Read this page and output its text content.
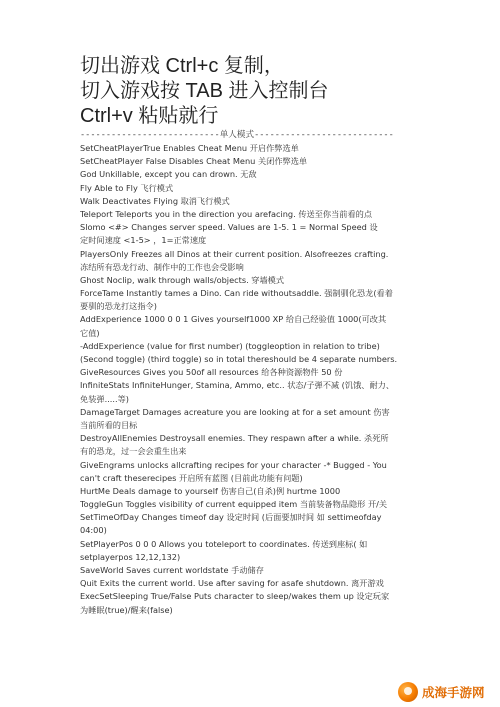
切出游戏 Ctrl+c 复制，
切入游戏按 TAB 进入控制台
Ctrl+v 粘贴就行
---------------------------单人模式---------------------------
SetCheatPlayerTrue Enables Cheat Menu 开启作弊选单
SetCheatPlayer False Disables Cheat Menu 关闭作弊选单
God Unkillable, except you can drown. 无敌
Fly Able to Fly 飞行模式
Walk Deactivates Flying 取消飞行模式
Teleport Teleports you in the direction you arefacing. 传送至你当前看的点
Slomo <#> Changes server speed. Values are 1-5. 1 = Normal Speed 设
定时间速度 <1-5> ，1=正常速度
PlayersOnly Freezes all Dinos at their current position. Alsofreezes crafting.
冻结所有恐龙行动、制作中的工作也会受影响
Ghost Noclip, walk through walls/objects. 穿墙模式
ForceTame Instantly tames a Dino. Can ride withoutsaddle. 强制驯化恐龙(看着
要驯的恐龙打这指令)
AddExperience 1000 0 0 1 Gives yourself1000 XP 给自己经验值 1000(可改其
它值)
-AddExperience (value for first number) (toggleoption in relation to tribe)
(Second toggle) (third toggle) so in total thereshould be 4 separate numbers.
GiveResources Gives you 50of all resources 给各种资源物件 50 份
InfiniteStats InfiniteHunger, Stamina, Ammo, etc.. 状态/子弹不减 (饥饿、耐力、
免装弹.....等)
DamageTarget Damages acreature you are looking at for a set amount 伤害
当前所看的目标
DestroyAllEnemies Destroysall enemies. They respawn after a while. 杀死所
有的恐龙，过一会会重生出来
GiveEngrams unlocks allcrafting recipes for your character -* Bugged - You
can't craft theserecipes 开启所有蓝图 (目前此功能有问题)
HurtMe Deals damage to yourself 伤害自己(自杀)例 hurtme 1000
ToggleGun Toggles visibility of current equipped item 当前装备物品隐形 开/关
SetTimeOfDay Changes timeof day 设定时间 (后面要加时间 如 settimeofday
04:00)
SetPlayerPos 0 0 0 Allows you toteleport to coordinates. 传送到座标( 如
setplayerpos 12,12,132)
SaveWorld Saves current worldstate 手动储存
Quit Exits the current world. Use after saving for asafe shutdown. 离开游戏
ExecSetSleeping True/False Puts character to sleep/wakes them up 设定玩家
为睡眠(true)/醒来(false)
成海手游网
